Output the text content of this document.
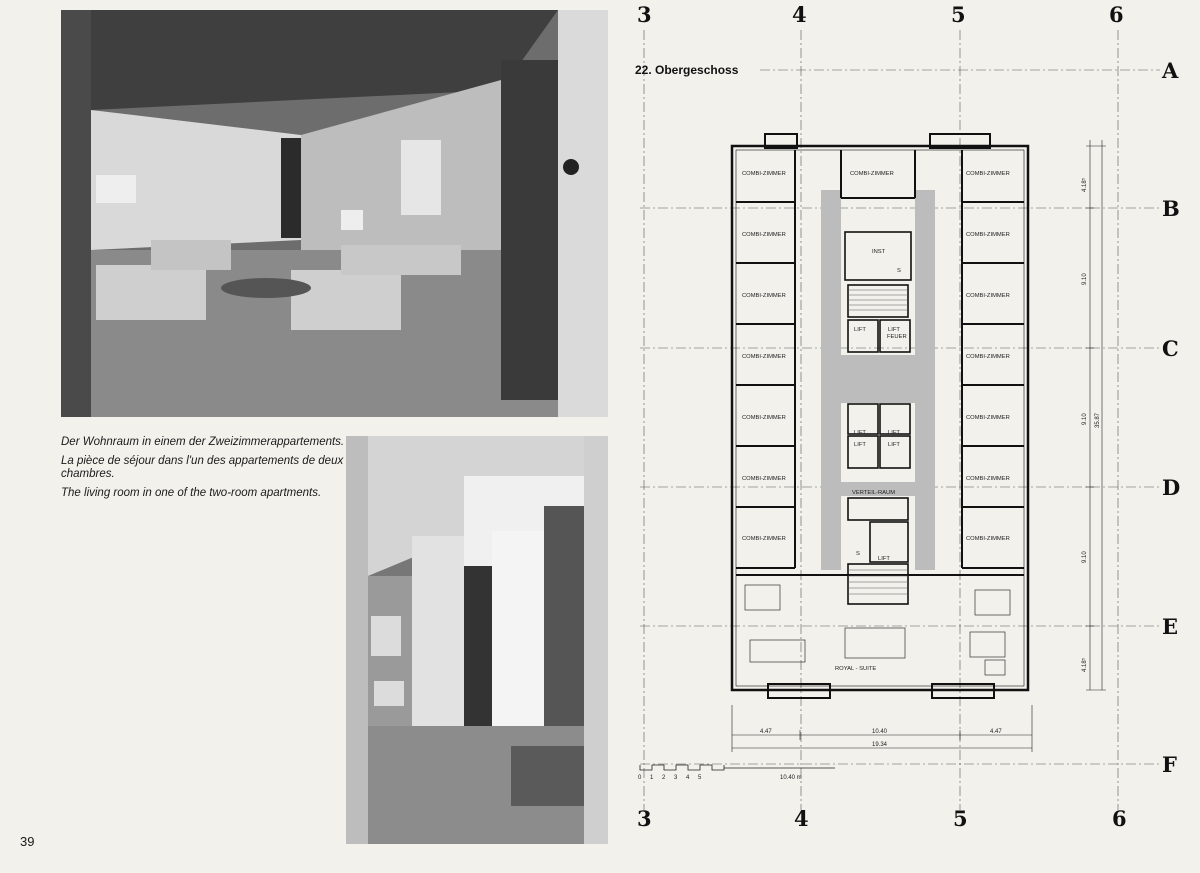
Der Wohnraum in einem der Zweizimmerappartements.

La pièce de séjour dans l'un des appartements de deux chambres.

The living room in one of the two-room apartments.

39
3	4	5	6
3	4	5	6
A
B
C
D
E
F
22. Obergeschoss
COMBI-ZIMMER	COMBI-ZIMMER
COMBI-ZIMMER	COMBI-ZIMMER
COMBI-ZIMMER	COMBI-ZIMMER
COMBI-ZIMMER	COMBI-ZIMMER
COMBI-ZIMMER	COMBI-ZIMMER
COMBI-ZIMMER	COMBI-ZIMMER
COMBI-ZIMMER	COMBI-ZIMMER
COMBI-ZIMMER
INST
S
LIFT	LIFT
FEUER
LIFT	LIFT
LIFT	LIFT
VERTEIL-RAUM
S
LIFT
ROYAL - SUITE
4.18⁵
9.10
9.10
9.10
4.18⁵
35.87
4.47	10.40	4.47
19.34
0 1 2 3 4 5	10.40 m
